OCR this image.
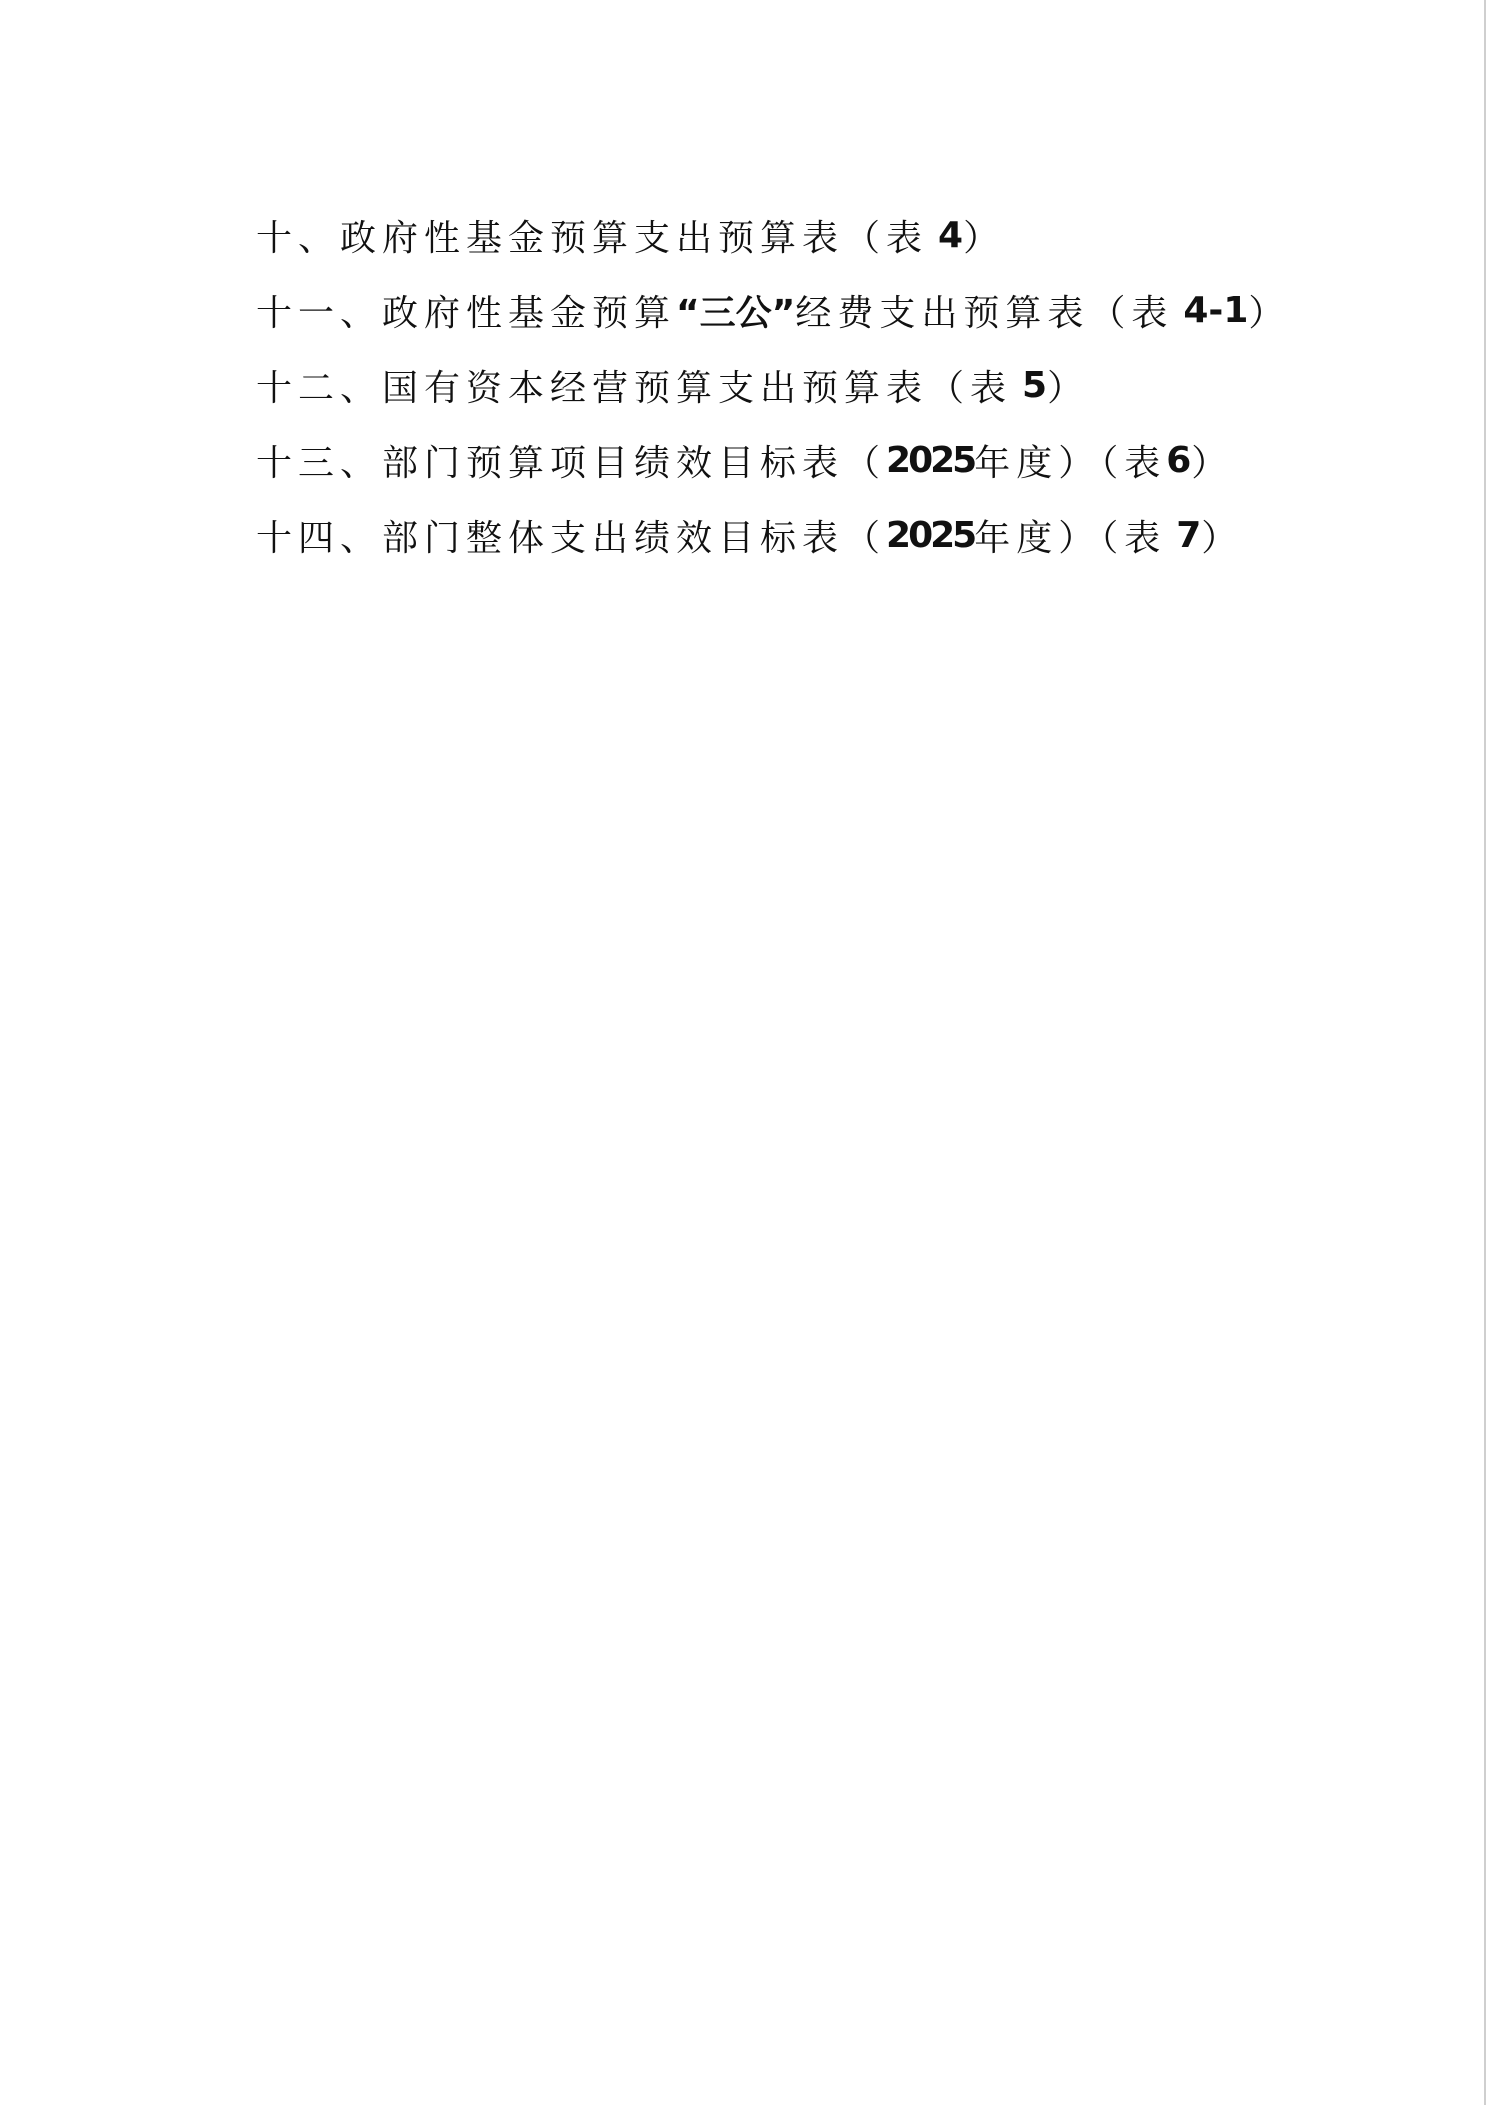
十、政府性基金预算支出预算表（表 4 ）
十一、政府性基金预算 “三公” 经费支出预算表（表 4-1 ）
十二、国有资本经营预算支出预算表（表 5 ）
十三、部门预算项目绩效目标表（ 2025 年度）（表 6 ）
十四、部门整体支出绩效目标表（ 2025 年度）（表 7 ）
